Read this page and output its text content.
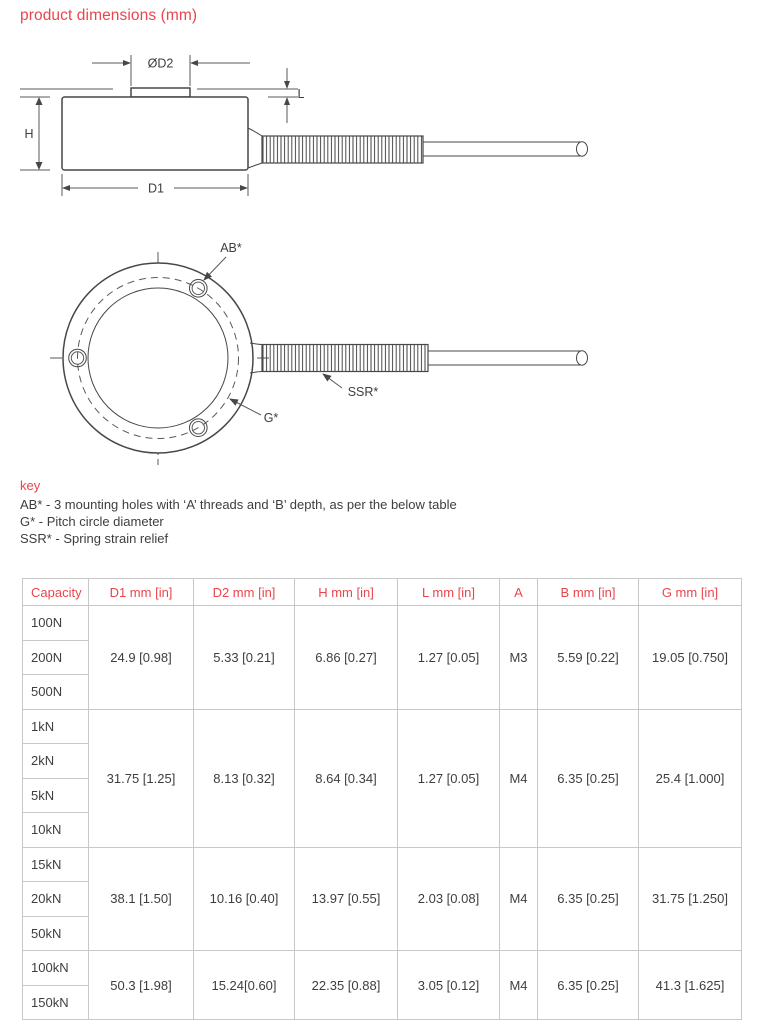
product dimensions (mm)
ØD2
L
H
D1
AB*
G*
SSR*
key
AB* - 3 mounting holes with ‘A’ threads and ‘B’ depth, as per the below table
G* - Pitch circle diameter
SSR* - Spring strain relief
Capacity	D1 mm [in]	D2 mm [in]	H mm [in]	L mm [in]	A	B mm [in]	G mm [in]
100N	24.9 [0.98]	5.33 [0.21]	6.86 [0.27]	1.27 [0.05]	M3	5.59 [0.22]	19.05 [0.750]
200N							
500N							
1kN	31.75 [1.25]	8.13 [0.32]	8.64 [0.34]	1.27 [0.05]	M4	6.35 [0.25]	25.4 [1.000]
2kN							
5kN							
10kN							
15kN	38.1 [1.50]	10.16 [0.40]	13.97 [0.55]	2.03 [0.08]	M4	6.35 [0.25]	31.75 [1.250]
20kN							
50kN							
100kN	50.3 [1.98]	15.24[0.60]	22.35 [0.88]	3.05 [0.12]	M4	6.35 [0.25]	41.3 [1.625]
150kN							
